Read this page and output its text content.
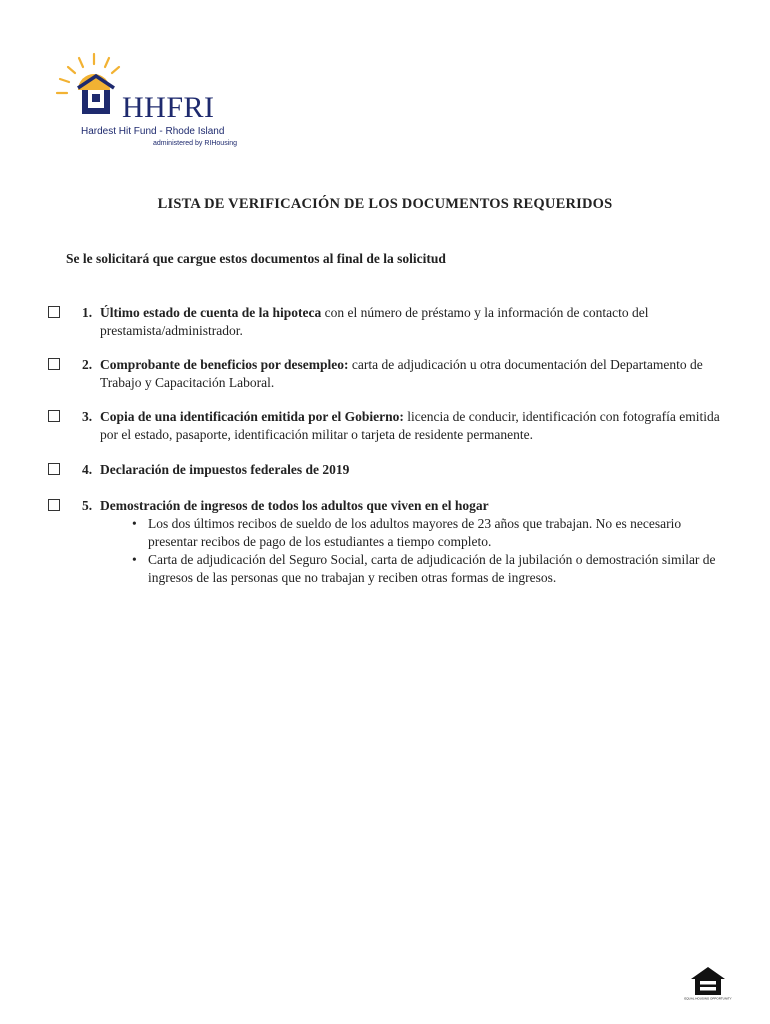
HHFRI
Hardest Hit Fund - Rhode Island
administered by RIHousing
LISTA DE VERIFICACIÓN DE LOS DOCUMENTOS REQUERIDOS
Se le solicitará que cargue estos documentos al final de la solicitud
1. Último estado de cuenta de la hipoteca con el número de préstamo y la información de contacto del prestamista/administrador.
2. Comprobante de beneficios por desempleo: carta de adjudicación u otra documentación del Departamento de Trabajo y Capacitación Laboral.
3. Copia de una identificación emitida por el Gobierno: licencia de conducir, identificación con fotografía emitida por el estado, pasaporte, identificación militar o tarjeta de residente permanente.
4. Declaración de impuestos federales de 2019
5. Demostración de ingresos de todos los adultos que viven en el hogar
• Los dos últimos recibos de sueldo de los adultos mayores de 23 años que trabajan. No es necesario presentar recibos de pago de los estudiantes a tiempo completo.
• Carta de adjudicación del Seguro Social, carta de adjudicación de la jubilación o demostración similar de ingresos de las personas que no trabajan y reciben otras formas de ingresos.
EQUAL HOUSING OPPORTUNITY
